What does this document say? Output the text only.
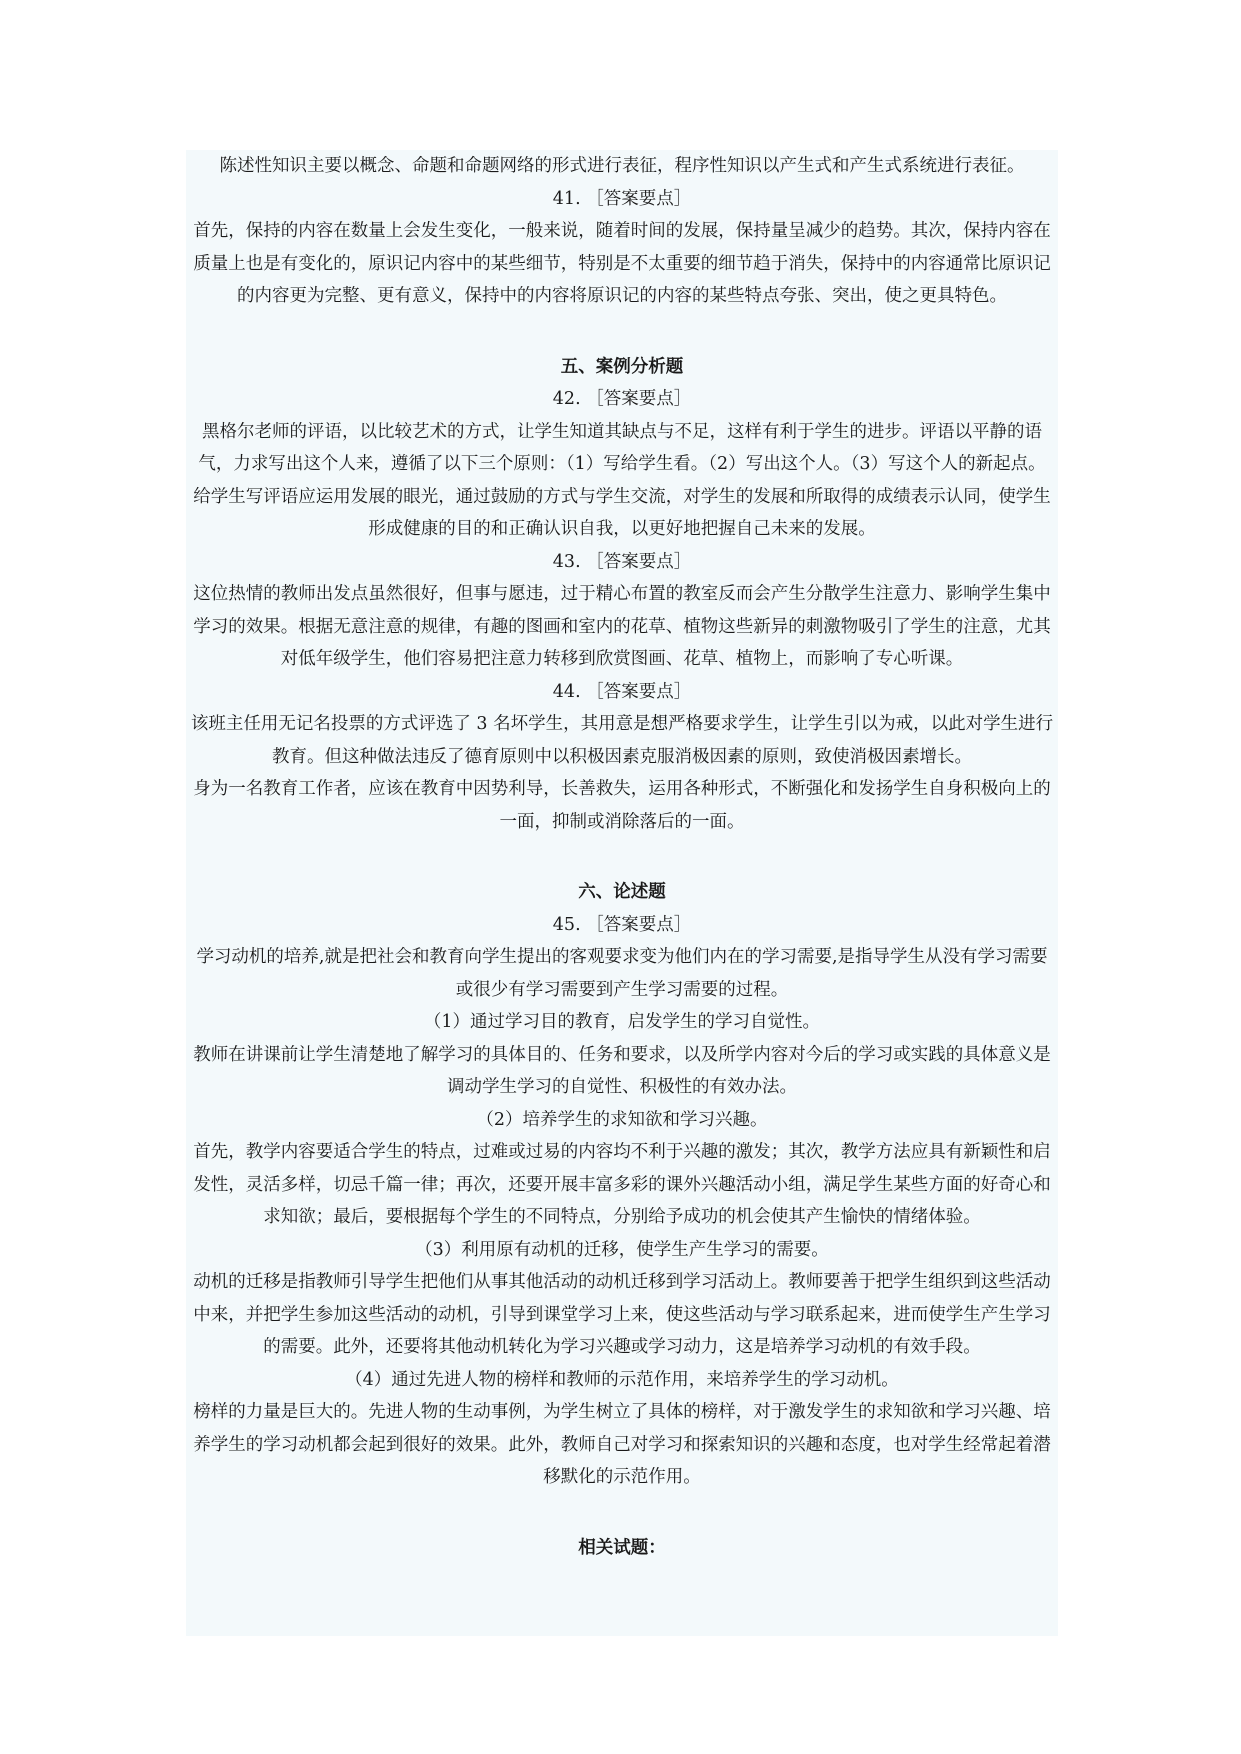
陈述性知识主要以概念、命题和命题网络的形式进行表征，程序性知识以产生式和产生式系统进行表征。

41. ［答案要点］

首先，保持的内容在数量上会发生变化，一般来说，随着时间的发展，保持量呈减少的趋势。其次，保持内容在质量上也是有变化的，原识记内容中的某些细节，特别是不太重要的细节趋于消失，保持中的内容通常比原识记的内容更为完整、更有意义，保持中的内容将原识记的内容的某些特点夸张、突出，使之更具特色。

五、案例分析题

42. ［答案要点］

黑格尔老师的评语，以比较艺术的方式，让学生知道其缺点与不足，这样有利于学生的进步。评语以平静的语气，力求写出这个人来，遵循了以下三个原则：（1）写给学生看。（2）写出这个人。（3）写这个人的新起点。

给学生写评语应运用发展的眼光，通过鼓励的方式与学生交流，对学生的发展和所取得的成绩表示认同，使学生形成健康的目的和正确认识自我，以更好地把握自己未来的发展。

43. ［答案要点］

这位热情的教师出发点虽然很好，但事与愿违，过于精心布置的教室反而会产生分散学生注意力、影响学生集中学习的效果。根据无意注意的规律，有趣的图画和室内的花草、植物这些新异的刺激物吸引了学生的注意，尤其对低年级学生，他们容易把注意力转移到欣赏图画、花草、植物上，而影响了专心听课。

44. ［答案要点］

该班主任用无记名投票的方式评选了 3 名坏学生，其用意是想严格要求学生，让学生引以为戒，以此对学生进行教育。但这种做法违反了德育原则中以积极因素克服消极因素的原则，致使消极因素增长。

身为一名教育工作者，应该在教育中因势利导，长善救失，运用各种形式，不断强化和发扬学生自身积极向上的一面，抑制或消除落后的一面。

六、论述题

45. ［答案要点］

学习动机的培养,就是把社会和教育向学生提出的客观要求变为他们内在的学习需要,是指导学生从没有学习需要或很少有学习需要到产生学习需要的过程。

（1）通过学习目的教育，启发学生的学习自觉性。

教师在讲课前让学生清楚地了解学习的具体目的、任务和要求，以及所学内容对今后的学习或实践的具体意义是调动学生学习的自觉性、积极性的有效办法。

（2）培养学生的求知欲和学习兴趣。

首先，教学内容要适合学生的特点，过难或过易的内容均不利于兴趣的激发；其次，教学方法应具有新颖性和启发性，灵活多样，切忌千篇一律；再次，还要开展丰富多彩的课外兴趣活动小组，满足学生某些方面的好奇心和求知欲；最后，要根据每个学生的不同特点，分别给予成功的机会使其产生愉快的情绪体验。

（3）利用原有动机的迁移，使学生产生学习的需要。

动机的迁移是指教师引导学生把他们从事其他活动的动机迁移到学习活动上。教师要善于把学生组织到这些活动中来，并把学生参加这些活动的动机，引导到课堂学习上来，使这些活动与学习联系起来，进而使学生产生学习的需要。此外，还要将其他动机转化为学习兴趣或学习动力，这是培养学习动机的有效手段。

（4）通过先进人物的榜样和教师的示范作用，来培养学生的学习动机。

榜样的力量是巨大的。先进人物的生动事例，为学生树立了具体的榜样，对于激发学生的求知欲和学习兴趣、培养学生的学习动机都会起到很好的效果。此外，教师自己对学习和探索知识的兴趣和态度，也对学生经常起着潜移默化的示范作用。

相关试题：
